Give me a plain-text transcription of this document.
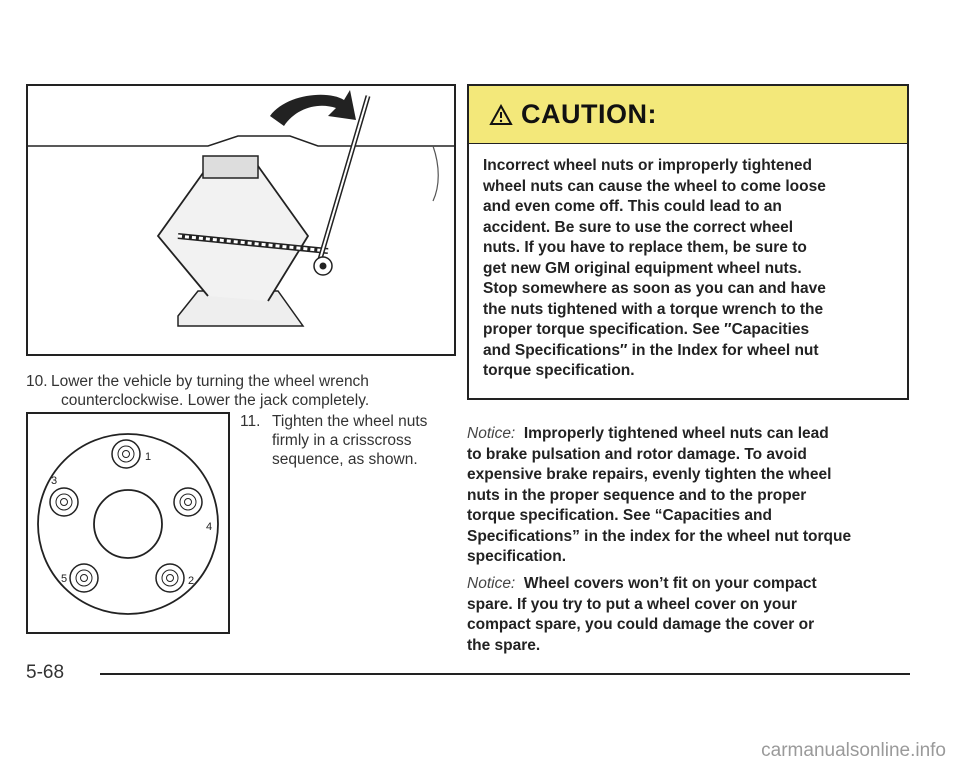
10. Lower the vehicle by turning the wheel wrench
counterclockwise. Lower the jack completely.
1
3
4
5	2
11. Tighten the wheel nuts
firmly in a crisscross
sequence, as shown.
CAUTION:
Incorrect wheel nuts or improperly tightened
wheel nuts can cause the wheel to come loose
and even come off. This could lead to an
accident. Be sure to use the correct wheel
nuts. If you have to replace them, be sure to
get new GM original equipment wheel nuts.
Stop somewhere as soon as you can and have
the nuts tightened with a torque wrench to the
proper torque specification. See ″Capacities
and Specifications″ in the Index for wheel nut
torque specification.
Notice: Improperly tightened wheel nuts can lead
to brake pulsation and rotor damage. To avoid
expensive brake repairs, evenly tighten the wheel
nuts in the proper sequence and to the proper
torque specification. See “Capacities and
Specifications” in the index for the wheel nut torque
specification.
Notice: Wheel covers won’t fit on your compact
spare. If you try to put a wheel cover on your
compact spare, you could damage the cover or
the spare.
5-68
carmanualsonline.info
